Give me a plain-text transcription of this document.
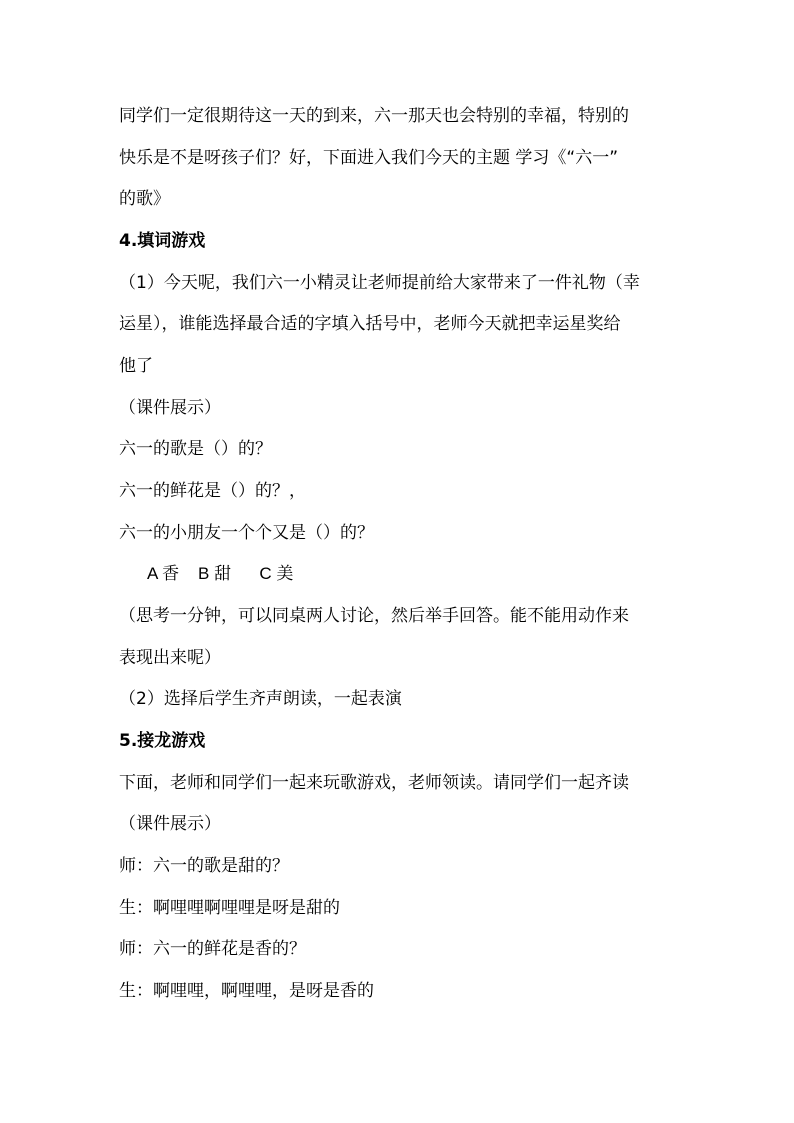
同学们一定很期待这一天的到来，六一那天也会特别的幸福，特别的

快乐是不是呀孩子们？好，下面进入我们今天的主题 学习《“六一”

的歌》

4.填词游戏

（1）今天呢，我们六一小精灵让老师提前给大家带来了一件礼物（幸

运星），谁能选择最合适的字填入括号中，老师今天就把幸运星奖给

他了

（课件展示）

六一的歌是（）的？

六一的鲜花是（）的？，

六一的小朋友一个个又是（）的？

A 香    B 甜      C 美

（思考一分钟，可以同桌两人讨论，然后举手回答。能不能用动作来

表现出来呢）

（2）选择后学生齐声朗读，一起表演

5.接龙游戏

下面，老师和同学们一起来玩歌游戏，老师领读。请同学们一起齐读

（课件展示）

师：六一的歌是甜的？

生：啊哩哩啊哩哩是呀是甜的

师：六一的鲜花是香的？

生：啊哩哩，啊哩哩，是呀是香的
